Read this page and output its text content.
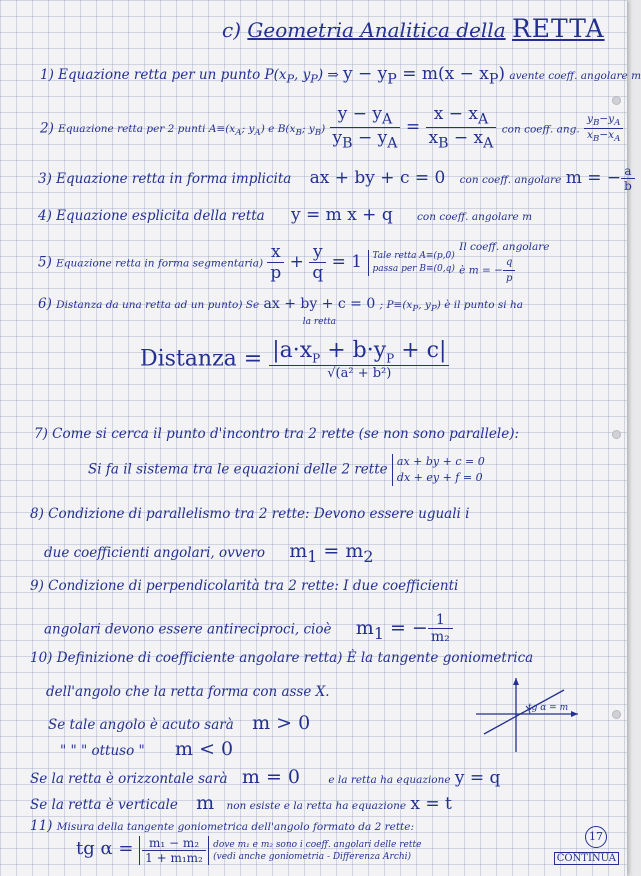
c) Geometria Analitica della RETTA
1) Equazione retta per un punto $P(x_P$, $y_P$) ⇒ $y - y_P = m(x - x_P)$ avente coeff. angolare m
2) Equazione retta per 2 punti $A\equiv(x_A$; $y_A$) e $B(x_B$; $y_B) \frac{y - y_A}{y_B - y_A} = \frac{x - x_A}{x_B - x_A}$ con coeff. ang. $\frac{y_B-y_A}{x_B-x_A}$
3) Equazione retta in forma implicita ax + by + c = 0 con coeff. angolare m = − $\frac{a}{b}$
4) Equazione esplicita della retta y = m x + q con coeff. angolare m
5) Equazione retta in forma segmentaria) $\frac{x}{p} + \frac{y}{q} = 1$ Tale retta A≡(p,0)
passa per B≡(0,q) Il coeff. angolare
è m = − $\frac{q}{p}$
6) Distanza da una retta ad un punto) Se ax + by + c = 0
la retta ; $P\equiv(x_P$, $y_P$) è il punto si ha
Distanza = $\frac{|a\cdot x_P + b\cdot y_P + c|}{\text{√(a² + b²)}}$
7) Come si cerca il punto d'incontro tra 2 rette (se non sono parallele):
Si fa il sistema tra le equazioni delle 2 rette ax + by + c = 0
dx + ey + f = 0
8) Condizione di parallelismo tra 2 rette: Devono essere uguali i
due coefficienti angolari, ovvero $m_1 = m_2$
9) Condizione di perpendicolarità tra 2 rette: I due coefficienti
angolari devono essere antireciproci, cioè $m_1$ = − $\frac{1}{\text{m₂}}$
10) Definizione di coefficiente angolare retta) È la tangente goniometrica
dell'angolo che la retta forma con asse X.
Se tale angolo è acuto sarà m > 0
" " " ottuso " m < 0
Se la retta è orizzontale sarà m = 0	e la retta ha equazione y = q
Se la retta è verticale m non esiste e la retta ha equazione x = t
tg α = m
11) Misura della tangente goniometrica dell'angolo formato da 2 rette:
tg $\alpha = \frac{\text{m₁ − m₂}}{\text{1 + m₁m₂}}$ dove m₁ e m₂ sono i coeff. angolari delle rette
(vedi anche goniometria - Differenza Archi)
17
CONTINUA
